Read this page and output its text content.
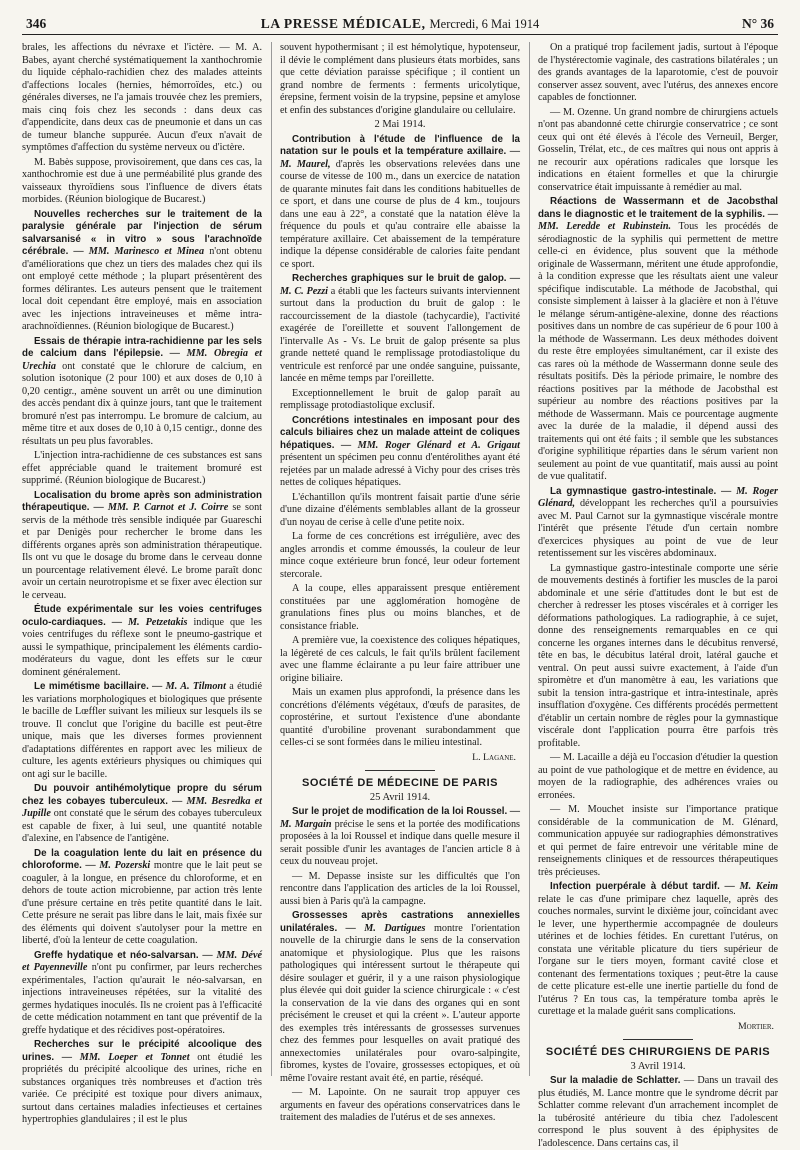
346	LA PRESSE MÉDICALE, Mercredi, 6 Mai 1914	N° 36

brales, les affections du névraxe et l'ictère. — M. A. Babes, ayant cherché systématiquement la xanthochromie du liquide céphalo-rachidien chez des malades atteints d'affections locales (hernies, hémorroïdes, etc.) ou générales diverses, ne l'a jamais trouvée chez les premiers, mais cinq fois chez les seconds : dans deux cas d'appendicite, dans deux cas de pneumonie et dans un cas de tumeur blanche suppurée. Aucun d'eux n'avait de symptômes d'affection du système nerveux ou d'ictère.

M. Babès suppose, provisoirement, que dans ces cas, la xanthochromie est due à une perméabilité plus grande des vaisseaux thyroïdiens sous l'influence de divers états morbides. (Réunion biologique de Bucarest.)

Nouvelles recherches sur le traitement de la paralysie générale par l'injection de sérum salvarsanisé « in vitro » sous l'arachnoïde cérébrale. — MM. Marinesco et Minea n'ont obtenu d'améliorations que chez un tiers des malades chez qui ils ont employé cette méthode ; la plupart présentèrent des formes délirantes. Les auteurs pensent que le traitement local doit cependant être employé, mais en association avec les injections intraveineuses et même intra-arachnoïdiennes. (Réunion biologique de Bucarest.)

Essais de thérapie intra-rachidienne par les sels de calcium dans l'épilepsie. — MM. Obregia et Urechia ont constaté que le chlorure de calcium, en solution isotonique (2 pour 100) et aux doses de 0,10 à 0,20 centigr., amène souvent un arrêt ou une diminution des accès pendant dix à quinze jours, tant que le traitement bromuré n'est pas interrompu. Le bromure de calcium, au même titre et aux doses de 0,10 à 0,15 centigr., donne des résultats un peu plus favorables.

L'injection intra-rachidienne de ces substances est sans effet appréciable quand le traitement bromuré est supprimé. (Réunion biologique de Bucarest.)

Localisation du brome après son administration thérapeutique. — MM. P. Carnot et J. Coirre se sont servis de la méthode très sensible indiquée par Guareschi et par Denigès pour rechercher le brome dans les différents organes après son administration thérapeutique. Ils ont vu que le dosage du brome dans le cerveau donne un pourcentage relativement élevé. Le brome paraît donc avoir un certain neurotropisme et se fixer avec élection sur le cerveau.

Étude expérimentale sur les voies centrifuges oculo-cardiaques. — M. Petzetakis indique que les voies centrifuges du réflexe sont le pneumo-gastrique et aussi le sympathique, principalement les éléments cardio-modérateurs du vague, dont les effets sur le cœur dominent généralement.

Le mimétisme bacillaire. — M. A. Tilmont a étudié les variations morphologiques et biologiques que présente le bacille de Lœffler suivant les milieux sur lesquels ils se trouve. Il conclut que l'origine du bacille est peut-être unique, mais que les diverses formes proviennent d'adaptations différentes en rapport avec les milieux de culture, les agents extérieurs physiques ou chimiques qui ont agi sur le bacille.

Du pouvoir antihémolytique propre du sérum chez les cobayes tuberculeux. — MM. Besredka et Jupille ont constaté que le sérum des cobayes tuberculeux est capable de fixer, à lui seul, une quantité notable d'alexine, en l'absence de l'antigène.

De la coagulation lente du lait en présence du chloroforme. — M. Pozerski montre que le lait peut se coaguler, à la longue, en présence du chloroforme, et en dehors de toute action microbienne, par action très lente d'une présure certaine en très petite quantité dans le lait. Cette présure ne serait pas libre dans le lait, mais fixée sur des éléments qui doivent s'autolyser pour la mettre en liberté, d'où la lenteur de cette coagulation.

Greffe hydatique et néo-salvarsan. — MM. Dévé et Payenneville n'ont pu confirmer, par leurs recherches expérimentales, l'action qu'aurait le néo-salvarsan, en injections intraveineuses répétées, sur la vitalité des germes hydatiques inoculés. Ils ne croient pas à l'efficacité de cette médication notamment en tant que préventif de la greffe hydatique et des récidives post-opératoires.

Recherches sur le précipité alcoolique des urines. — MM. Loeper et Tonnet ont étudié les propriétés du précipité alcoolique des urines, riche en substances organiques très nombreuses et d'action très variée. Ce précipité est toxique pour divers animaux, surtout dans certaines maladies infectieuses et certaines hypertrophies glandulaires ; il est le plus

souvent hypothermisant ; il est hémolytique, hypotenseur, il dévie le complément dans plusieurs états morbides, sans que cette déviation paraisse spécifique ; il contient un grand nombre de ferments : ferments uricolytique, érepsine, ferment voisin de la trypsine, pepsine et amylose et enfin des substances d'origine glandulaire ou cellulaire.

2 Mai 1914.

Contribution à l'étude de l'influence de la natation sur le pouls et la température axillaire. — M. Maurel, d'après les observations relevées dans une course de vitesse de 100 m., dans un exercice de natation de quarante minutes fait dans les conditions habituelles de ce sport, et dans une course de plus de 4 km., toujours dans une eau à 22°, a constaté que la natation élève la fréquence du pouls et qu'au contraire elle abaisse la température axillaire. Cet abaissement de la température indique la dépense considérable de calories faite pendant ce sport.

Recherches graphiques sur le bruit de galop. — M. C. Pezzi a établi que les facteurs suivants interviennent surtout dans la production du bruit de galop : le raccourcissement de la diastole (tachycardie), l'activité exagérée de l'oreillette et souvent l'allongement de l'intervalle As - Vs. Le bruit de galop présente sa plus grande netteté quand le remplissage protodiastolique du ventricule est renforcé par une ondée sanguine, puissante, lancée en même temps par l'oreillette.

Exceptionnellement le bruit de galop paraît au remplissage protodiastolique exclusif.

Concrétions intestinales en imposant pour des calculs biliaires chez un malade atteint de coliques hépatiques. — MM. Roger Glénard et A. Grigaut présentent un spécimen peu connu d'entérolithes ayant été rejetées par un malade adressé à Vichy pour des crises très nettes de coliques hépatiques.

L'échantillon qu'ils montrent faisait partie d'une série d'une dizaine d'éléments semblables allant de la grosseur d'un noyau de cerise à celle d'une petite noix.

La forme de ces concrétions est irrégulière, avec des angles arrondis et comme émoussés, la couleur de leur mince coque extérieure brun foncé, leur odeur fortement stercorale.

A la coupe, elles apparaissent presque entièrement constituées par une agglomération homogène de granulations fines plus ou moins blanches, et de consistance friable.

A première vue, la coexistence des coliques hépatiques, la légèreté de ces calculs, le fait qu'ils brûlent facilement avec une flamme éclairante a pu leur faire attribuer une origine biliaire.

Mais un examen plus approfondi, la présence dans les concrétions d'éléments végétaux, d'œufs de parasites, de coprostérine, et surtout l'existence d'une abondante quantité d'urobiline provenant surabondamment que celles-ci se sont formées dans le milieu intestinal.

L. Lagane.
SOCIÉTÉ DE MÉDECINE DE PARIS

25 Avril 1914.

Sur le projet de modification de la loi Roussel. — M. Margain précise le sens et la portée des modifications proposées à la loi Roussel et indique dans quelle mesure il serait possible d'unir les avantages de l'ancien article 8 à ceux du nouveau projet.

— M. Depasse insiste sur les difficultés que l'on rencontre dans l'application des articles de la loi Roussel, aussi bien à Paris qu'à la campagne.

Grossesses après castrations annexielles unilatérales. — M. Dartigues montre l'orientation nouvelle de la chirurgie dans le sens de la conservation anatomique et physiologique. Plus que les raisons pathologiques qui intéressent surtout le thérapeute qui désire soulager et guérir, il y a une raison physiologique plus élevée qui doit guider la science chirurgicale : « c'est la conservation de la vie dans des organes qui en sont précisément le creuset et qui la créent ». L'auteur apporte des exemples très intéressants de grossesses survenues chez des femmes pour lesquelles on avait pratiqué des annexectomies unilatérales pour ovaro-salpingite, fibromes, kystes de l'ovaire, grossesses ectopiques, et où même l'ovaire restant avait été, en partie, réséqué.

— M. Lapointe. On ne saurait trop appuyer ces arguments en faveur des opérations conservatrices dans le traitement des maladies de l'utérus et de ses annexes.

On a pratiqué trop facilement jadis, surtout à l'époque de l'hystérectomie vaginale, des castrations bilatérales ; un des grands avantages de la laparotomie, c'est de pouvoir conserver assez souvent, avec l'utérus, des annexes encore capables de fonctionner.

— M. Ozenne. Un grand nombre de chirurgiens actuels n'ont pas abandonné cette chirurgie conservatrice ; ce sont ceux qui ont été élevés à l'école des Verneuil, Berger, Gosselin, Trélat, etc., de ces maîtres qui nous ont appris à ne recourir aux opérations radicales que lorsque les indications en étaient formelles et que la chirurgie conservatrice était impuissante à remédier au mal.

Réactions de Wassermann et de Jacobsthal dans le diagnostic et le traitement de la syphilis. — MM. Leredde et Rubinstein. Tous les procédés de sérodiagnostic de la syphilis qui permettent de mettre celle-ci en évidence, plus souvent que la méthode originale de Wassermann, méritent une étude approfondie, à la condition expresse que les résultats aient une valeur spécifique indiscutable. La méthode de Jacobsthal, qui consiste simplement à laisser à la glacière et non à l'étuve le mélange sérum-antigène-alexine, donne des réactions positives dans un nombre de cas supérieur de 6 pour 100 à la méthode de Wassermann. Les deux méthodes doivent du reste être employées simultanément, car il existe des cas rares où la méthode de Wassermann donne seule des résultats positifs. Dès la période primaire, le nombre des réactions positives par la méthode de Jacobsthal est supérieur au nombre des réactions positives par la méthode de Wassermann. Mais ce pourcentage augmente avec la durée de la maladie, il dépend aussi des traitements qui ont été faits ; il semble que les substances d'origine syphilitique réparties dans le sérum varient non seulement au point de vue quantitatif, mais aussi au point de vue qualitatif.

La gymnastique gastro-intestinale. — M. Roger Glénard, développant les recherches qu'il a poursuivies avec M. Paul Carnot sur la gymnastique viscérale montre l'intérêt que présente l'étude d'un certain nombre d'exercices physiques au point de vue de leur retentissement sur les viscères abdominaux.

La gymnastique gastro-intestinale comporte une série de mouvements destinés à fortifier les muscles de la paroi abdominale et une série d'attitudes dont le but est de chercher à redresser les ptoses viscérales et à corriger les déformations pathologiques. La radiographie, à ce sujet, donne des renseignements remarquables en ce qui concerne les organes internes dans le décubitus renversé, tête en bas, le décubitus latéral droit, latéral gauche et ventral. On peut aussi suivre exactement, à l'aide d'un spiromètre et d'un manomètre à eau, les variations que subit la tension intra-gastrique et intra-intestinale, après insufflation d'oxygène. Ces différents procédés permettent d'établir un certain nombre de règles pour la gymnastique viscérale dont l'application pourra être parfois très profitable.

— M. Lacaille a déjà eu l'occasion d'étudier la question au point de vue pathologique et de mettre en évidence, au moyen de la radiographie, des adhérences vraies ou erronées.

— M. Mouchet insiste sur l'importance pratique considérable de la communication de M. Glénard, communication appuyée sur radiographies démonstratives et qui permet de faire entrevoir une véritable mine de renseignements cliniques et de ressources thérapeutiques très précieuses.

Infection puerpérale à début tardif. — M. Keim relate le cas d'une primipare chez laquelle, après des couches normales, survint le dixième jour, coïncidant avec le lever, une hyperthermie accompagnée de douleurs utérines et de lochies fétides. En curettant l'utérus, on constata une véritable plicature du tiers supérieur de l'organe sur le tiers moyen, formant cavité close et contenant des fermentations toxiques ; peut-être la cause de cette plicature est-elle une inertie partielle du fond de l'utérus ? En tous cas, la température tomba après le curettage et la malade guérit sans complications.

Mortier.
SOCIÉTÉ DES CHIRURGIENS DE PARIS

3 Avril 1914.

Sur la maladie de Schlatter. — Dans un travail des plus étudiés, M. Lance montre que le syndrome décrit par Schlatter comme relevant d'un arrachement incomplet de la tubérosité antérieure du tibia chez l'adolescent correspond le plus souvent à des épiphysites de l'adolescence. Dans certains cas, il
